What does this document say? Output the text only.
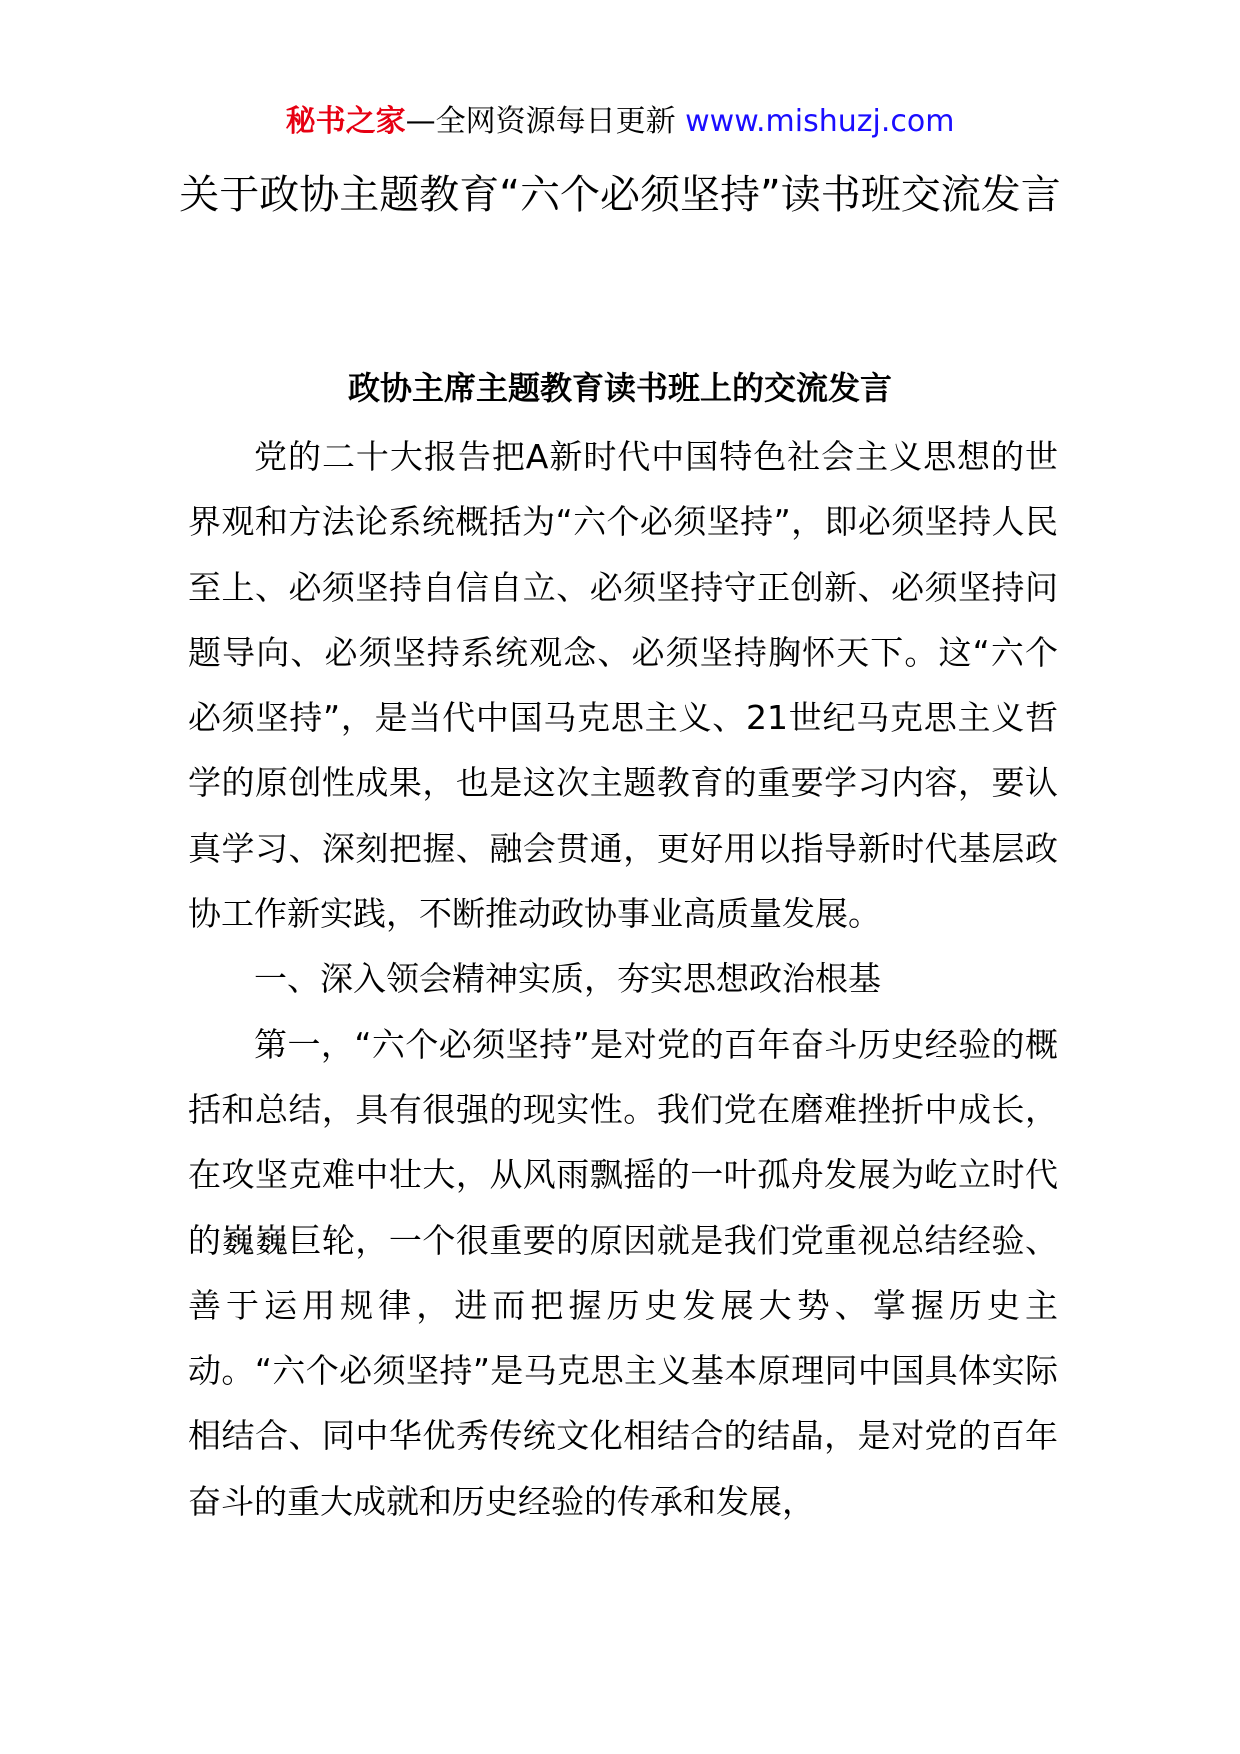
秘书之家—全网资源每日更新 www.mishuzj.com
关于政协主题教育“六个必须坚持”读书班交流发言
政协主席主题教育读书班上的交流发言

党的二十大报告把A新时代中国特色社会主义思想的世界观和方法论系统概括为“六个必须坚持”，即必须坚持人民至上、必须坚持自信自立、必须坚持守正创新、必须坚持问题导向、必须坚持系统观念、必须坚持胸怀天下。这“六个必须坚持”，是当代中国马克思主义、21世纪马克思主义哲学的原创性成果，也是这次主题教育的重要学习内容，要认真学习、深刻把握、融会贯通，更好用以指导新时代基层政协工作新实践，不断推动政协事业高质量发展。

一、深入领会精神实质，夯实思想政治根基

第一，“六个必须坚持”是对党的百年奋斗历史经验的概括和总结，具有很强的现实性。我们党在磨难挫折中成长，在攻坚克难中壮大，从风雨飘摇的一叶孤舟发展为屹立时代的巍巍巨轮，一个很重要的原因就是我们党重视总结经验、善于运用规律，进而把握历史发展大势、掌握历史主动。“六个必须坚持”是马克思主义基本原理同中国具体实际相结合、同中华优秀传统文化相结合的结晶，是对党的百年奋斗的重大成就和历史经验的传承和发展，
